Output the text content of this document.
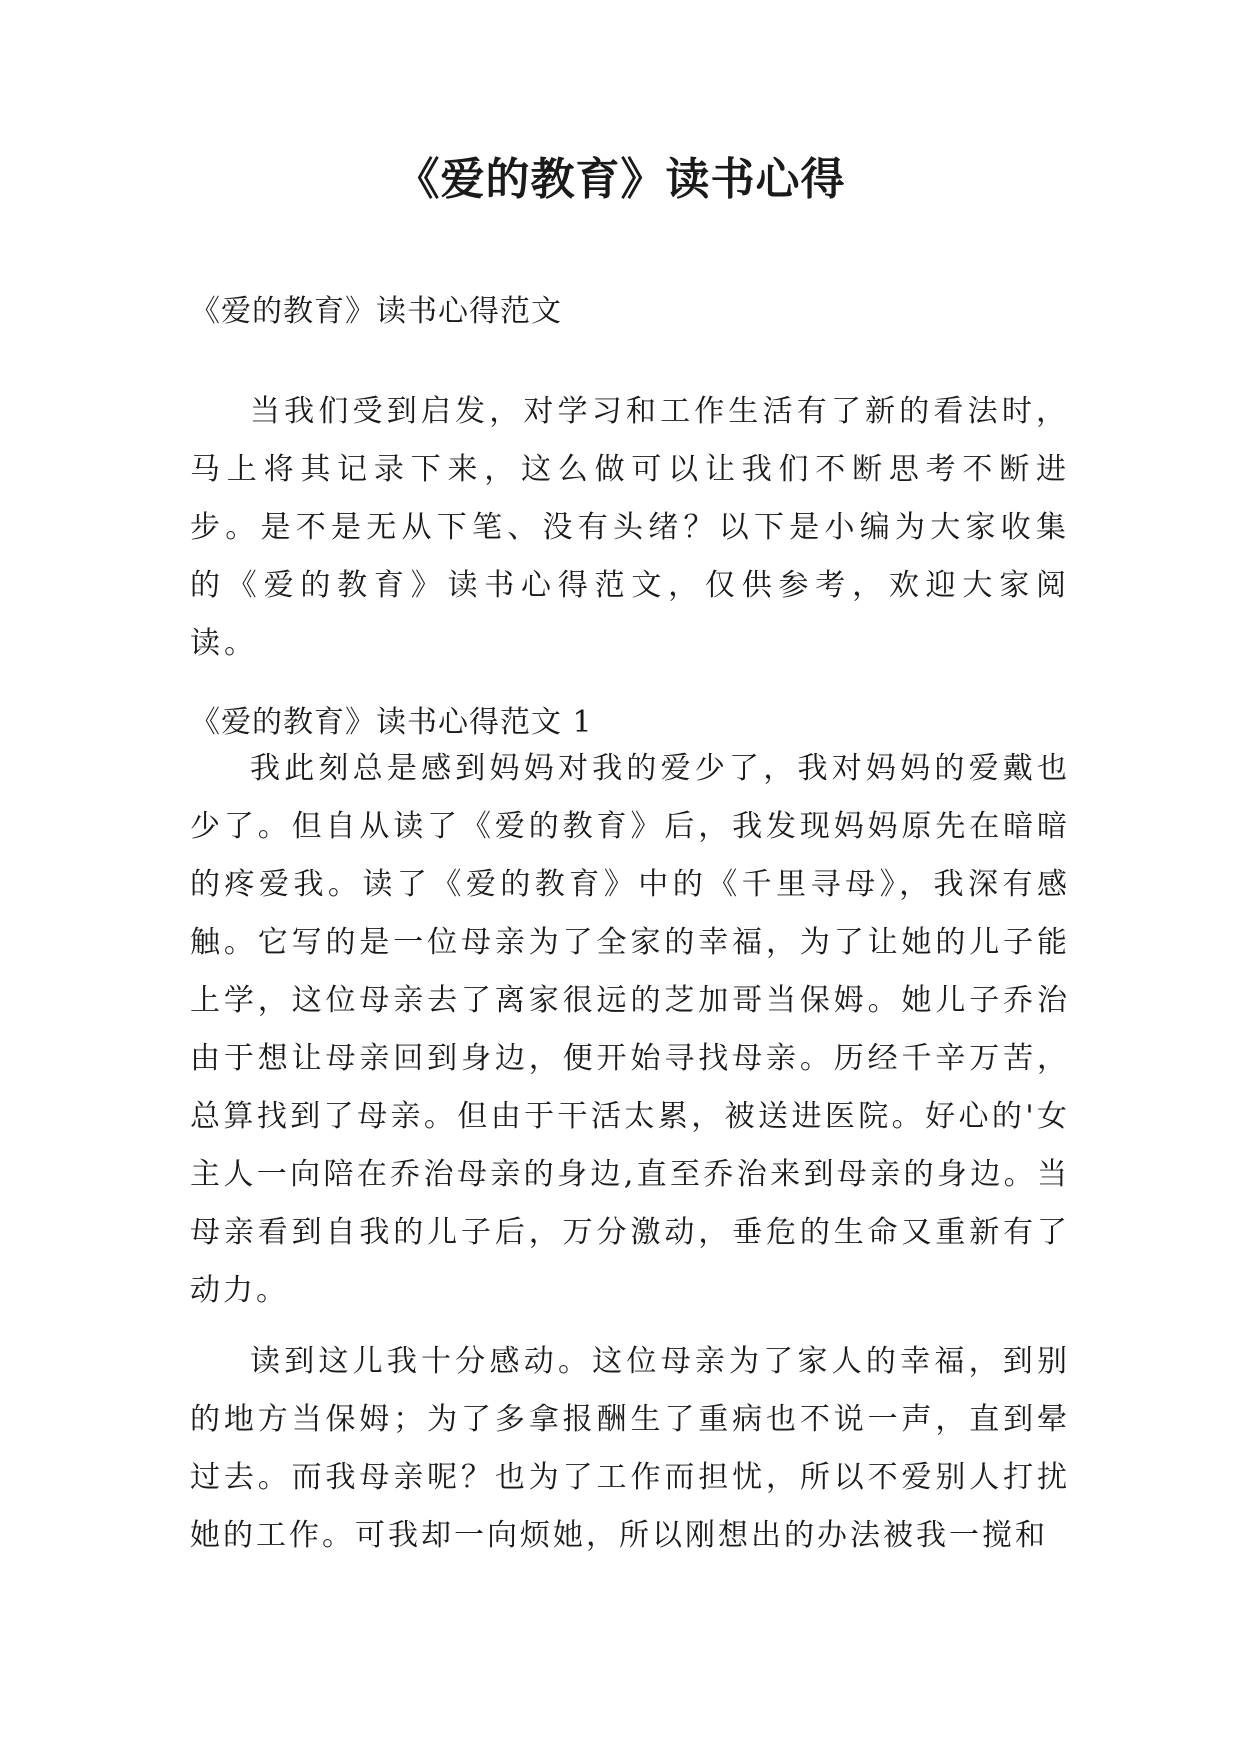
《爱的教育》读书心得
《爱的教育》读书心得范文

当我们受到启发，对学习和工作生活有了新的看法时，马上将其记录下来，这么做可以让我们不断思考不断进步。是不是无从下笔、没有头绪？以下是小编为大家收集的《爱的教育》读书心得范文，仅供参考，欢迎大家阅读。

《爱的教育》读书心得范文 1

我此刻总是感到妈妈对我的爱少了，我对妈妈的爱戴也少了。但自从读了《爱的教育》后，我发现妈妈原先在暗暗的疼爱我。读了《爱的教育》中的《千里寻母》，我深有感触。它写的是一位母亲为了全家的幸福，为了让她的儿子能上学，这位母亲去了离家很远的芝加哥当保姆。她儿子乔治由于想让母亲回到身边，便开始寻找母亲。历经千辛万苦，总算找到了母亲。但由于干活太累，被送进医院。好心的'女主人一向陪在乔治母亲的身边,直至乔治来到母亲的身边。当母亲看到自我的儿子后，万分激动，垂危的生命又重新有了动力。

读到这儿我十分感动。这位母亲为了家人的幸福，到别的地方当保姆；为了多拿报酬生了重病也不说一声，直到晕过去。而我母亲呢？也为了工作而担忧，所以不爱别人打扰她的工作。可我却一向烦她，所以刚想出的办法被我一搅和
